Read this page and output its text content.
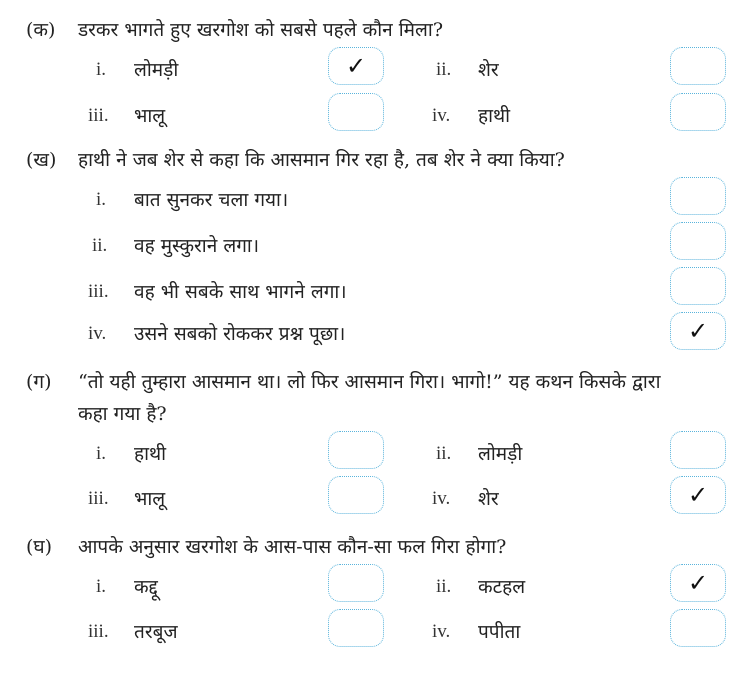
(क) डरकर भागते हुए खरगोश को सबसे पहले कौन मिला?
i. लोमड़ी	✓	ii. शेर
iii. भालू	iv. हाथी
(ख) हाथी ने जब शेर से कहा कि आसमान गिर रहा है, तब शेर ने क्या किया?
i. बात सुनकर चला गया।
ii. वह मुस्कुराने लगा।
iii. वह भी सबके साथ भागने लगा।
iv. उसने सबको रोककर प्रश्न पूछा।	✓
(ग) “तो यही तुम्हारा आसमान था। लो फिर आसमान गिरा। भागो!” यह कथन किसके द्वारा
कहा गया है?
i. हाथी	ii. लोमड़ी
iii. भालू	iv. शेर	✓
(घ) आपके अनुसार खरगोश के आस-पास कौन-सा फल गिरा होगा?
i. कद्दू	ii. कटहल	✓
iii. तरबूज	iv. पपीता
